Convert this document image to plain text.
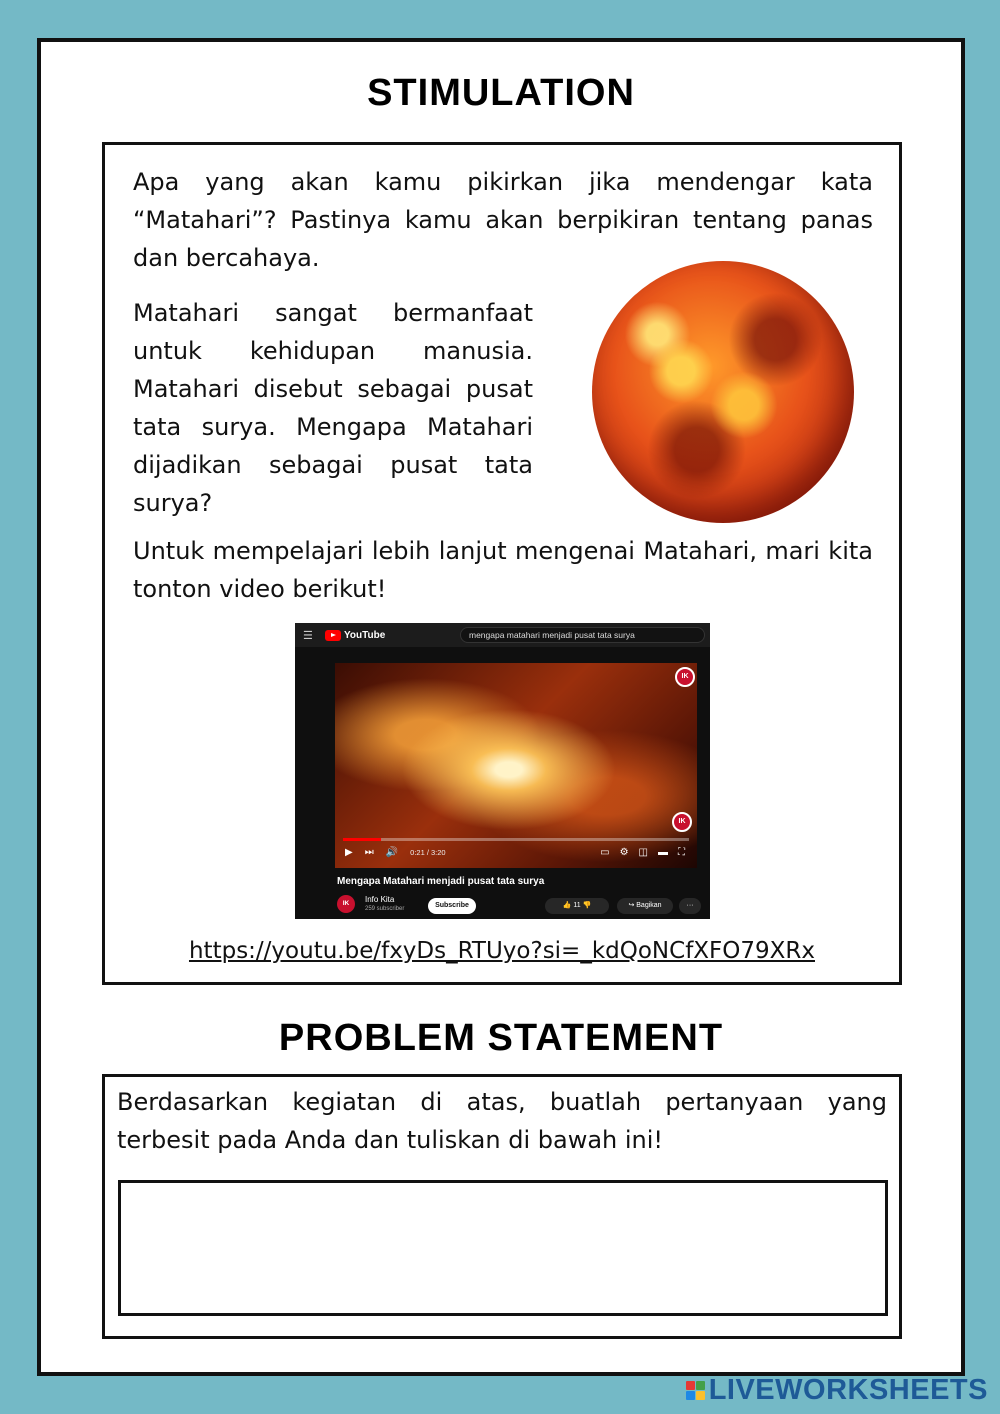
STIMULATION

Apa yang akan kamu pikirkan jika mendengar kata “Matahari”? Pastinya kamu akan berpikiran tentang panas dan bercahaya.

Matahari sangat bermanfaat untuk kehidupan manusia. Matahari disebut sebagai pusat tata surya. Mengapa Matahari dijadikan sebagai pusat tata surya?

Untuk mempelajari lebih lanjut mengenai Matahari, mari kita tonton video berikut!

☰	YouTube	mengapa matahari menjadi pusat tata surya
IK
IK
▶ ⏭ 🔊 0:21 / 3:20	▭ ⚙ ◫ ▬ ⛶
Mengapa Matahari menjadi pusat tata surya
IK	Info Kita
259 subscriber	Subscribe	👍 11 👎	↪ Bagikan	···
https://youtu.be/fxyDs_RTUyo?si=_kdQoNCfXFO79XRx
PROBLEM STATEMENT

Berdasarkan kegiatan di atas, buatlah pertanyaan yang terbesit pada Anda dan tuliskan di bawah ini!

LIVEWORKSHEETS
